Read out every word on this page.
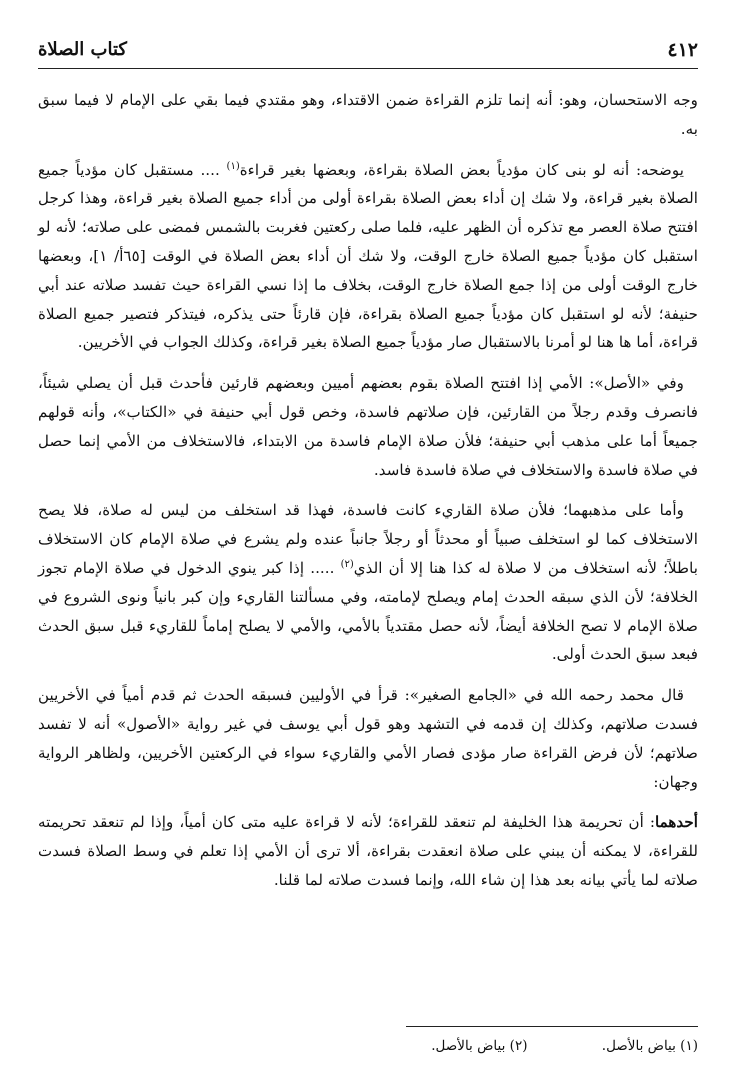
٤١٢
كتاب الصلاة

وجه الاستحسان، وهو: أنه إنما تلزم القراءة ضمن الاقتداء، وهو مقتدي فيما بقي على الإمام لا فيما سبق به.

يوضحه: أنه لو بنى كان مؤدياً بعض الصلاة بقراءة، وبعضها بغير قراءة$^{(١)}$ .... مستقبل كان مؤدياً جميع الصلاة بغير قراءة، ولا شك إن أداء بعض الصلاة بقراءة أولى من أداء جميع الصلاة بغير قراءة، وهذا كرجل افتتح صلاة العصر مع تذكره أن الظهر عليه، فلما صلى ركعتين فغربت بالشمس فمضى على صلاته؛ لأنه لو استقبل كان مؤدياً جميع الصلاة خارج الوقت، ولا شك أن أداء بعض الصلاة في الوقت [٦٥أ/ ١]، وبعضها خارج الوقت أولى من إذا جمع الصلاة خارج الوقت، بخلاف ما إذا نسي القراءة حيث تفسد صلاته عند أبي حنيفة؛ لأنه لو استقبل كان مؤدياً جميع الصلاة بقراءة، فإن قارئاً حتى يذكره، فيتذكر فتصير جميع الصلاة قراءة، أما ها هنا لو أمرنا بالاستقبال صار مؤدياً جميع الصلاة بغير قراءة، وكذلك الجواب في الأخريين.

وفي «الأصل»: الأمي إذا افتتح الصلاة بقوم بعضهم أميين وبعضهم قارئين فأحدث قبل أن يصلي شيئاً، فانصرف وقدم رجلاً من القارئين، فإن صلاتهم فاسدة، وخص قول أبي حنيفة في «الكتاب»، وأنه قولهم جميعاً أما على مذهب أبي حنيفة؛ فلأن صلاة الإمام فاسدة من الابتداء، فالاستخلاف من الأمي إنما حصل في صلاة فاسدة والاستخلاف في صلاة فاسدة فاسد.

وأما على مذهبهما؛ فلأن صلاة القاريء كانت فاسدة، فهذا قد استخلف من ليس له صلاة، فلا يصح الاستخلاف كما لو استخلف صبياً أو محدثاً أو رجلاً جانباً عنده ولم يشرع في صلاة الإمام كان الاستخلاف باطلاً؛ لأنه استخلاف من لا صلاة له كذا هنا إلا أن الذي$^{(٢)}$ ..... إذا كبر ينوي الدخول في صلاة الإمام تجوز الخلافة؛ لأن الذي سبقه الحدث إمام ويصلح لإمامته، وفي مسألتنا القاريء وإن كبر بانياً ونوى الشروع في صلاة الإمام لا تصح الخلافة أيضاً، لأنه حصل مقتدياً بالأمي، والأمي لا يصلح إماماً للقاريء قبل سبق الحدث فبعد سبق الحدث أولى.

قال محمد رحمه الله في «الجامع الصغير»: قرأ في الأوليين فسبقه الحدث ثم قدم أمياً في الأخريين فسدت صلاتهم، وكذلك إن قدمه في التشهد وهو قول أبي يوسف في غير رواية «الأصول» أنه لا تفسد صلاتهم؛ لأن فرض القراءة صار مؤدى فصار الأمي والقاريء سواء في الركعتين الأخريين، ولظاهر الرواية وجهان:

أحدهما: أن تحريمة هذا الخليفة لم تنعقد للقراءة؛ لأنه لا قراءة عليه متى كان أمياً، وإذا لم تنعقد تحريمته للقراءة، لا يمكنه أن يبني على صلاة انعقدت بقراءة، ألا ترى أن الأمي إذا تعلم في وسط الصلاة فسدت صلاته لما يأتي بيانه بعد هذا إن شاء الله، وإنما فسدت صلاته لما قلنا.

(١) بياض بالأصل. (٢) بياض بالأصل.
